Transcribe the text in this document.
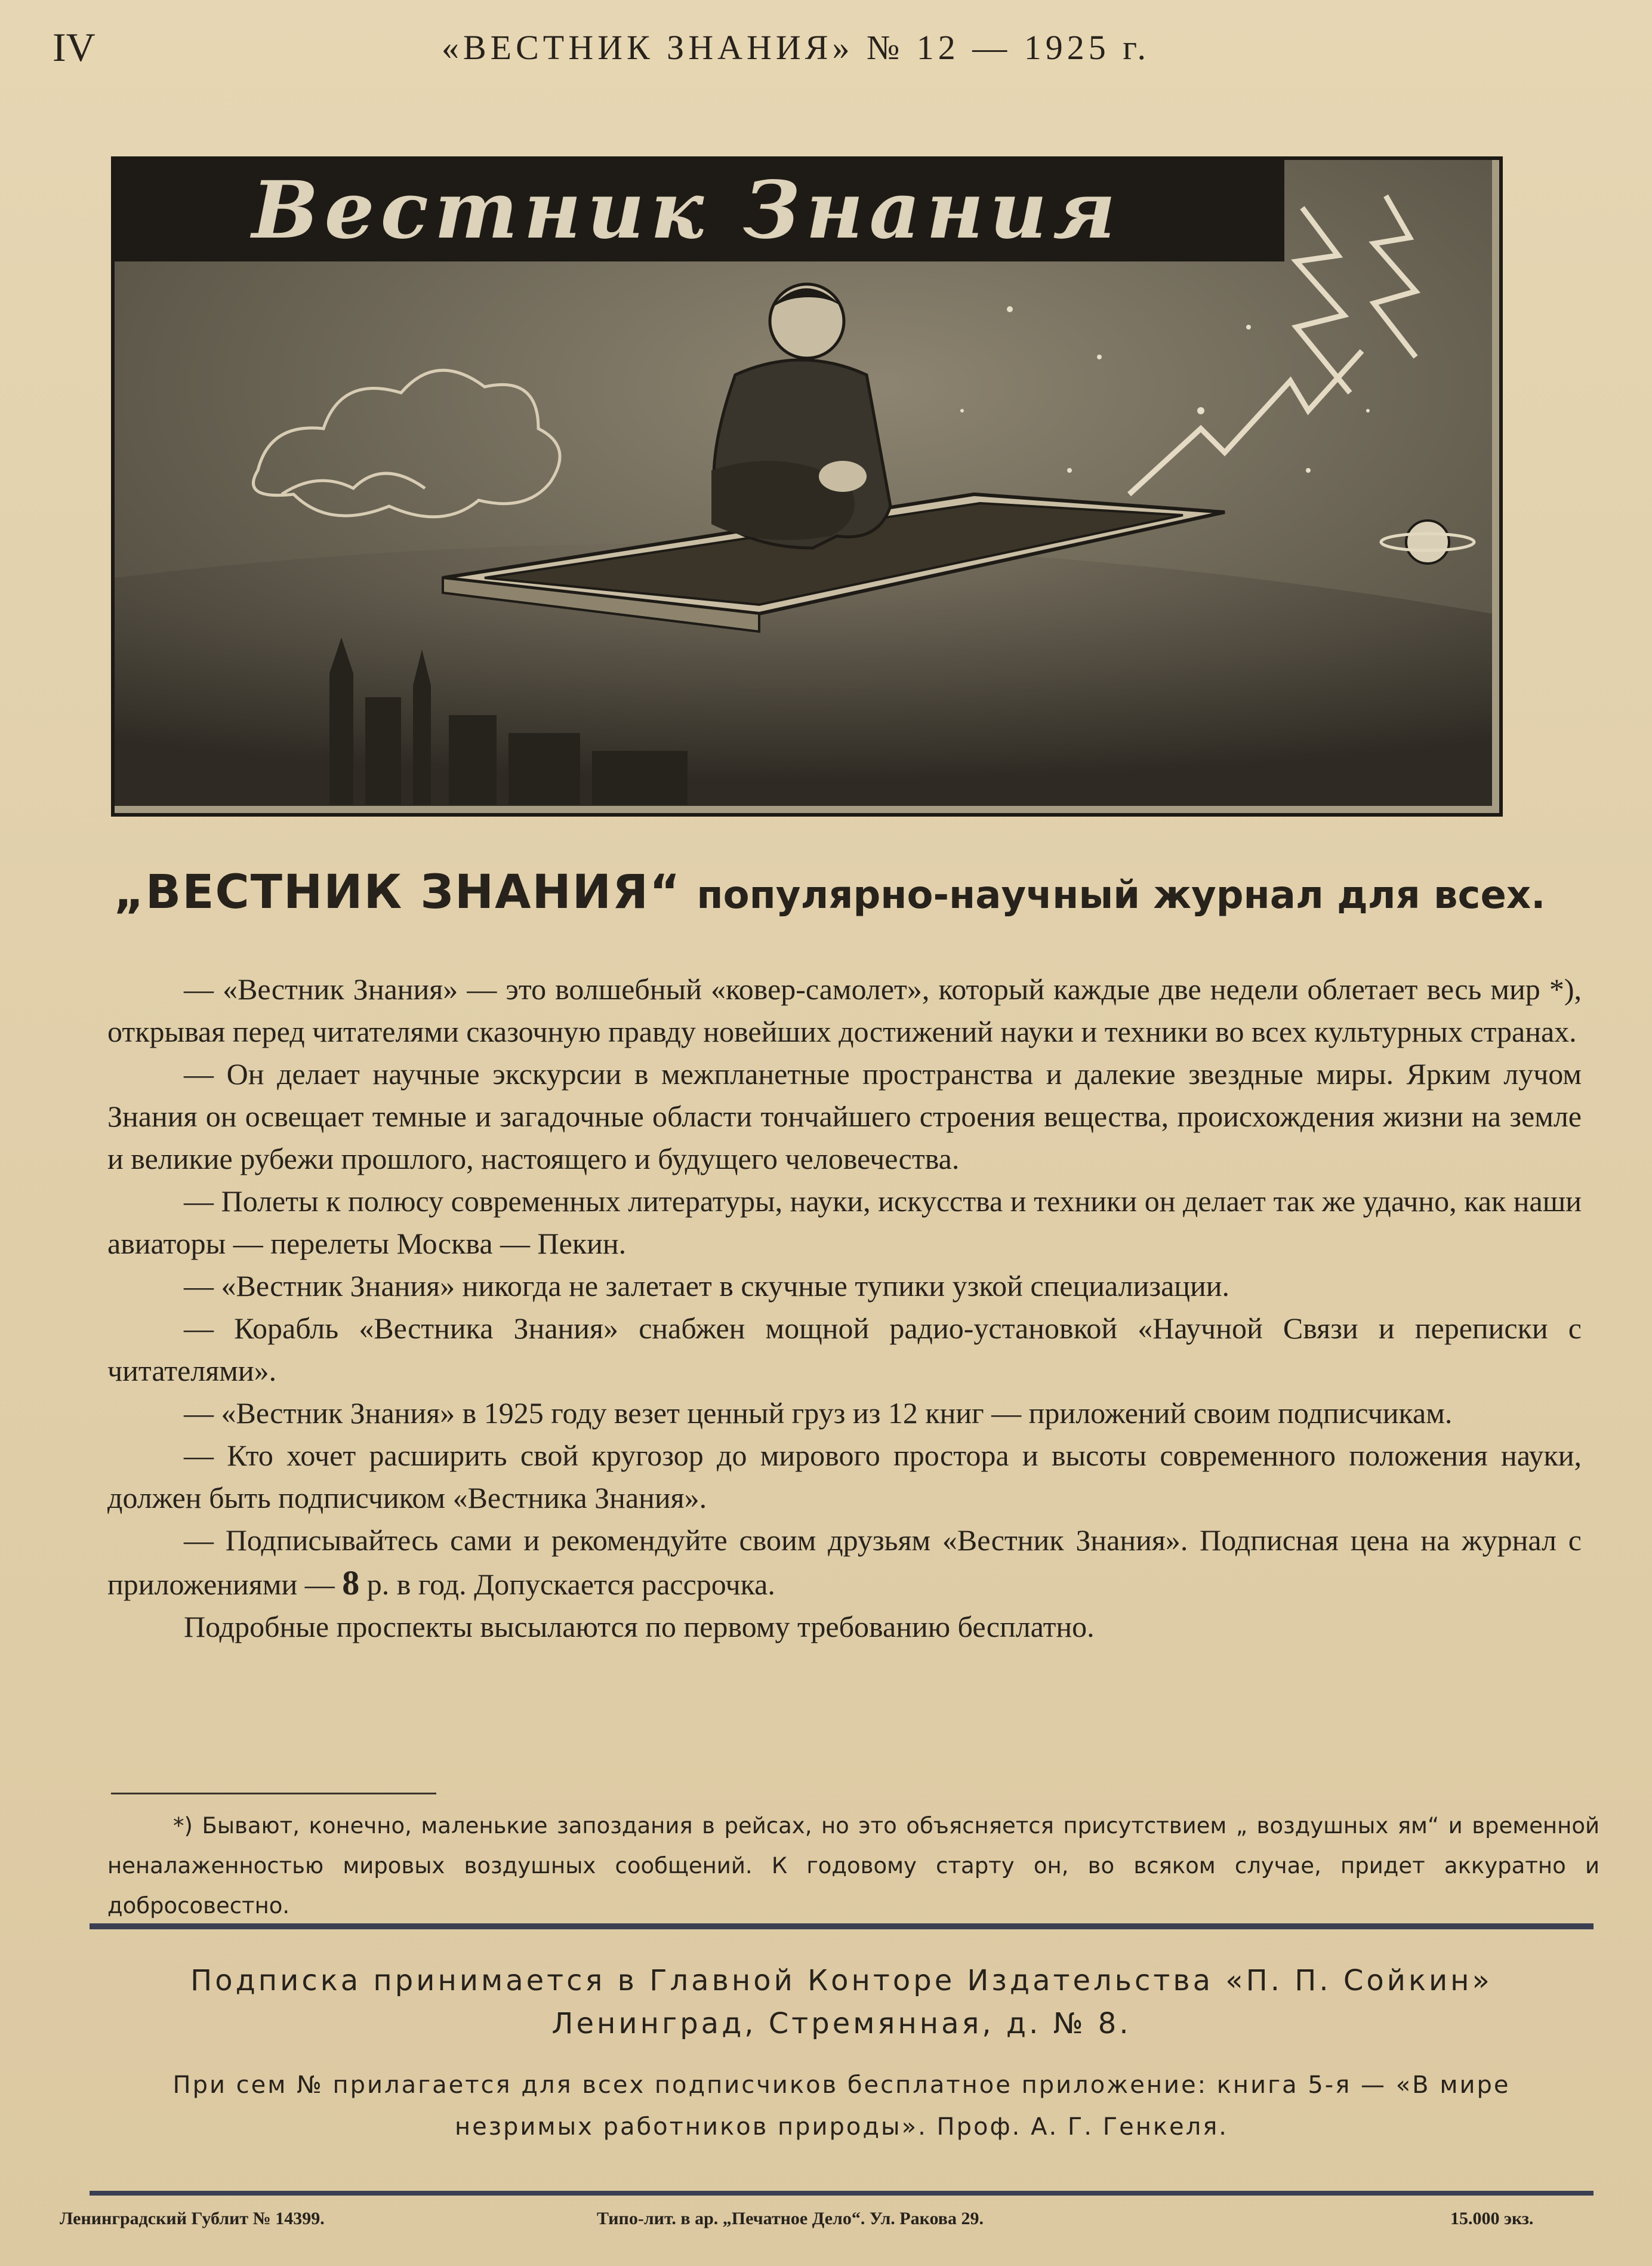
IV	«ВЕСТНИК ЗНАНИЯ» № 12 — 1925 г.
Вестник Знания
„ВЕСТНИК ЗНАНИЯ“ популярно-научный журнал для всех.

— «Вестник Знания» — это волшебный «ковер-самолет», который каждые две недели облетает весь мир *), открывая перед читателями сказочную правду новейших достижений науки и техники во всех культурных странах.

— Он делает научные экскурсии в межпланетные пространства и далекие звездные миры. Ярким лучом Знания он освещает темные и загадочные области тончайшего строения вещества, происхождения жизни на земле и великие рубежи прошлого, настоящего и будущего человечества.

— Полеты к полюсу современных литературы, науки, искусства и техники он делает так же удачно, как наши авиаторы — перелеты Москва — Пекин.

— «Вестник Знания» никогда не залетает в скучные тупики узкой специализации.

— Корабль «Вестника Знания» снабжен мощной радио-установкой «Научной Связи и переписки с читателями».

— «Вестник Знания» в 1925 году везет ценный груз из 12 книг — приложений своим подписчикам.

— Кто хочет расширить свой кругозор до мирового простора и высоты современного положения науки, должен быть подписчиком «Вестника Знания».

— Подписывайтесь сами и рекомендуйте своим друзьям «Вестник Знания». Подписная цена на журнал с приложениями — 8 р. в год. Допускается рассрочка.

Подробные проспекты высылаются по первому требованию бесплатно.

*) Бывают, конечно, маленькие запоздания в рейсах, но это объясняется присутствием „ воздушных ям“ и временной неналаженностью мировых воздушных сообщений. К годовому старту он, во всяком случае, придет аккуратно и добросовестно.

Подписка принимается в Главной Конторе Издательства «П. П. Сойкин»
Ленинград, Стремянная, д. № 8.
При сем № прилагается для всех подписчиков бесплатное приложение: книга 5-я — «В мире
незримых работников природы». Проф. А. Г. Генкеля.
Ленинградский Гублит № 14399.	Типо-лит. в ар. „Печатное Дело“. Ул. Ракова 29.	15.000 экз.
